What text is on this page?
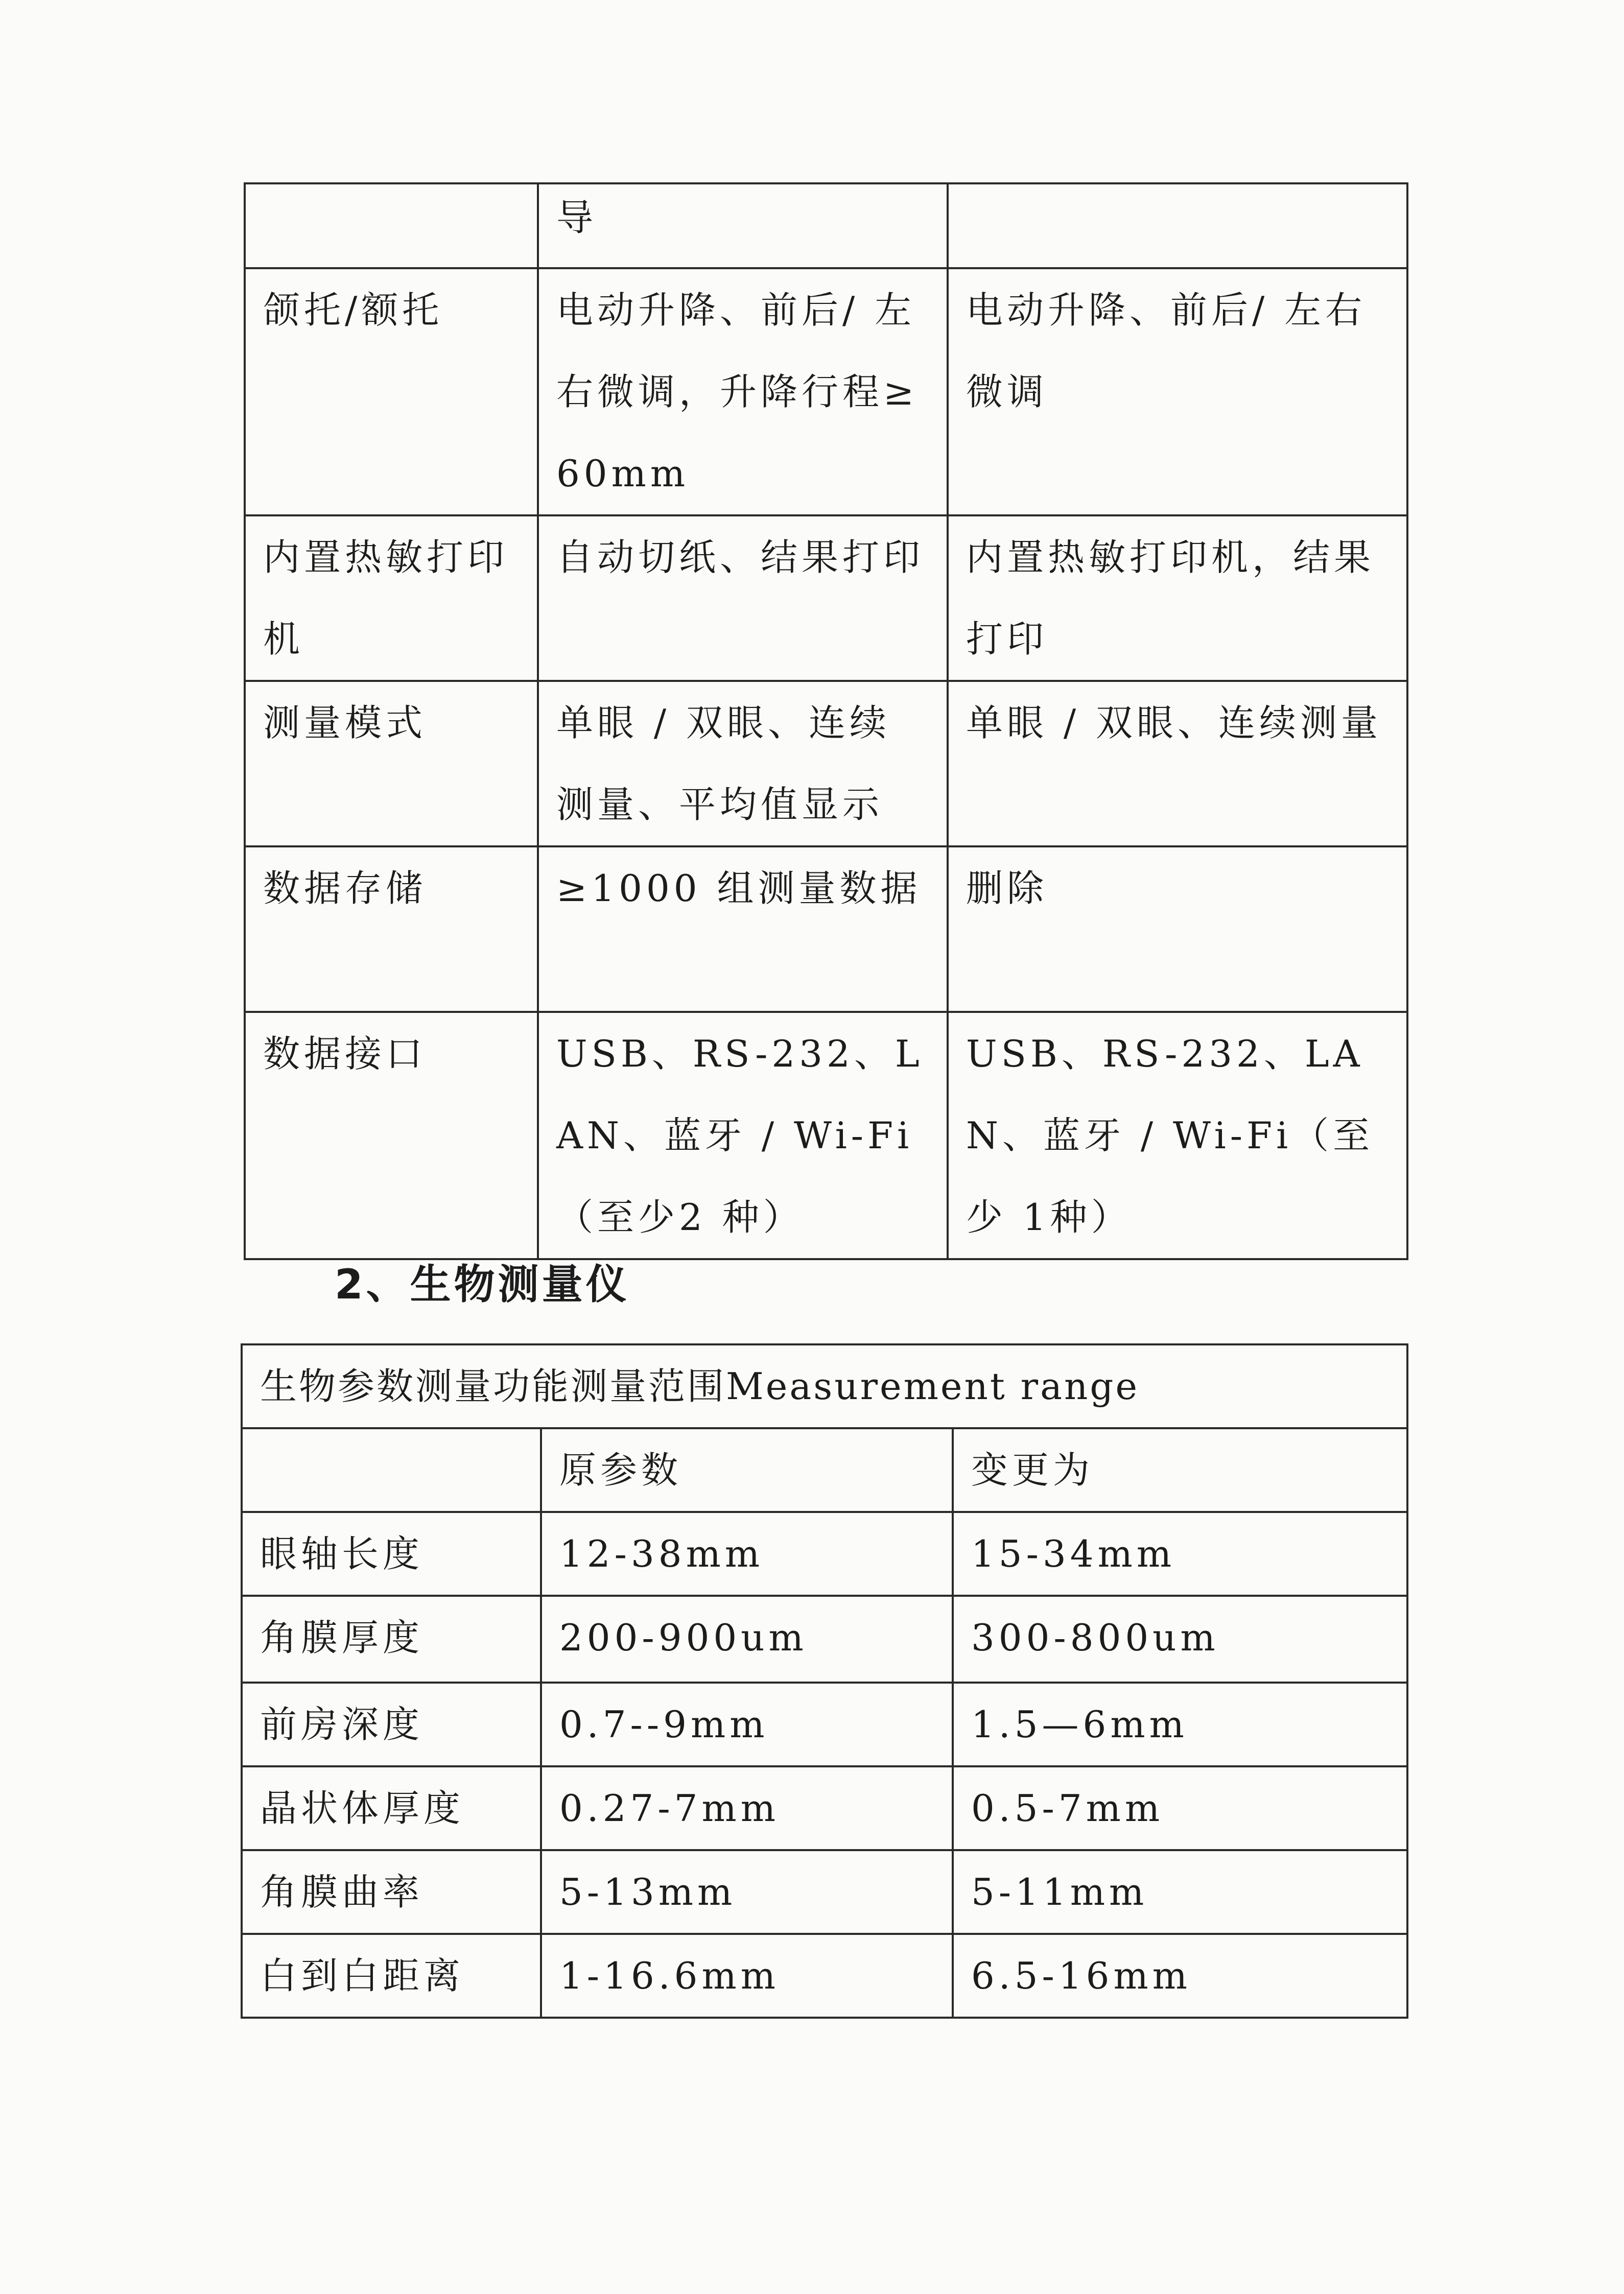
	导	

颌托/额托	电动升降、前后/ 左右微调，升降行程≥60mm	电动升降、前后/ 左右微调

内置热敏打印机	自动切纸、结果打印	内置热敏打印机，结果打印

测量模式	单眼 / 双眼、连续测量、平均值显示	单眼 / 双眼、连续测量

数据存储	≥1000 组测量数据	删除

数据接口	USB、RS-232、LAN、蓝牙 / Wi-Fi（至少2 种）	USB、RS-232、LAN、蓝牙 / Wi-Fi（至少 1种）
2、生物测量仪
生物参数测量功能测量范围Measurement range		

	原参数	变更为

眼轴长度	12-38mm	15-34mm

角膜厚度	200-900um	300-800um

前房深度	0.7--9mm	1.5—6mm

晶状体厚度	0.27-7mm	0.5-7mm

角膜曲率	5-13mm	5-11mm

白到白距离	1-16.6mm	6.5-16mm
